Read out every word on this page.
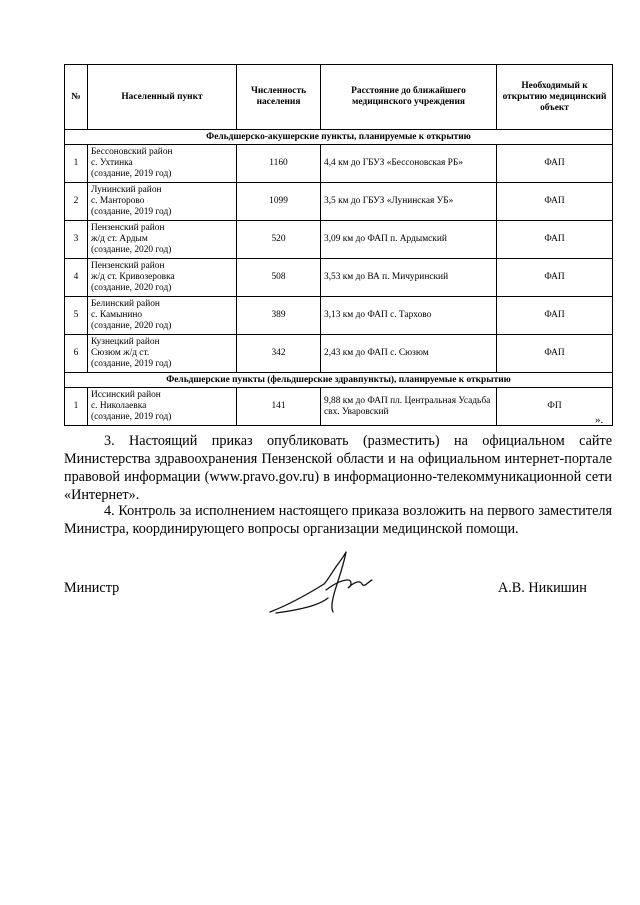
№	Населенный пункт	Численность населения	Расстояние до ближайшего медицинского учреждения	Необходимый к открытию медицинский объект
Фельдшерско-акушерские пункты, планируемые к открытию				
1	Бессоновский район
с. Ухтинка
(создание, 2019 год)	1160	4,4 км до ГБУЗ «Бессоновская РБ»	ФАП
2	Лунинский район
с. Манторово
(создание, 2019 год)	1099	3,5 км до ГБУЗ «Лунинская УБ»	ФАП
3	Пензенский район
ж/д ст. Ардым
(создание, 2020 год)	520	3,09 км до ФАП п. Ардымский	ФАП
4	Пензенский район
ж/д ст. Кривозеровка
(создание, 2020 год)	508	3,53 км до ВА п. Мичуринский	ФАП
5	Белинский район
с. Камынино
(создание, 2020 год)	389	3,13 км до ФАП с. Тархово	ФАП
6	Кузнецкий район
Сюзюм ж/д ст.
(создание, 2019 год)	342	2,43 км до ФАП с. Сюзюм	ФАП
Фельдшерские пункты (фельдшерские здравпункты), планируемые к открытию				
1	Иссинский район
с. Николаевка
(создание, 2019 год)	141	9,88 км до ФАП пл. Центральная Усадьба свх. Уваровский	ФП
».

3. Настоящий приказ опубликовать (разместить) на официальном сайте Министерства здравоохранения Пензенской области и на официальном интернет-портале правовой информации (www.pravo.gov.ru) в информационно-телекоммуникационной сети «Интернет».

4. Контроль за исполнением настоящего приказа возложить на первого заместителя Министра, координирующего вопросы организации медицинской помощи.

Министр	А.В. Никишин
